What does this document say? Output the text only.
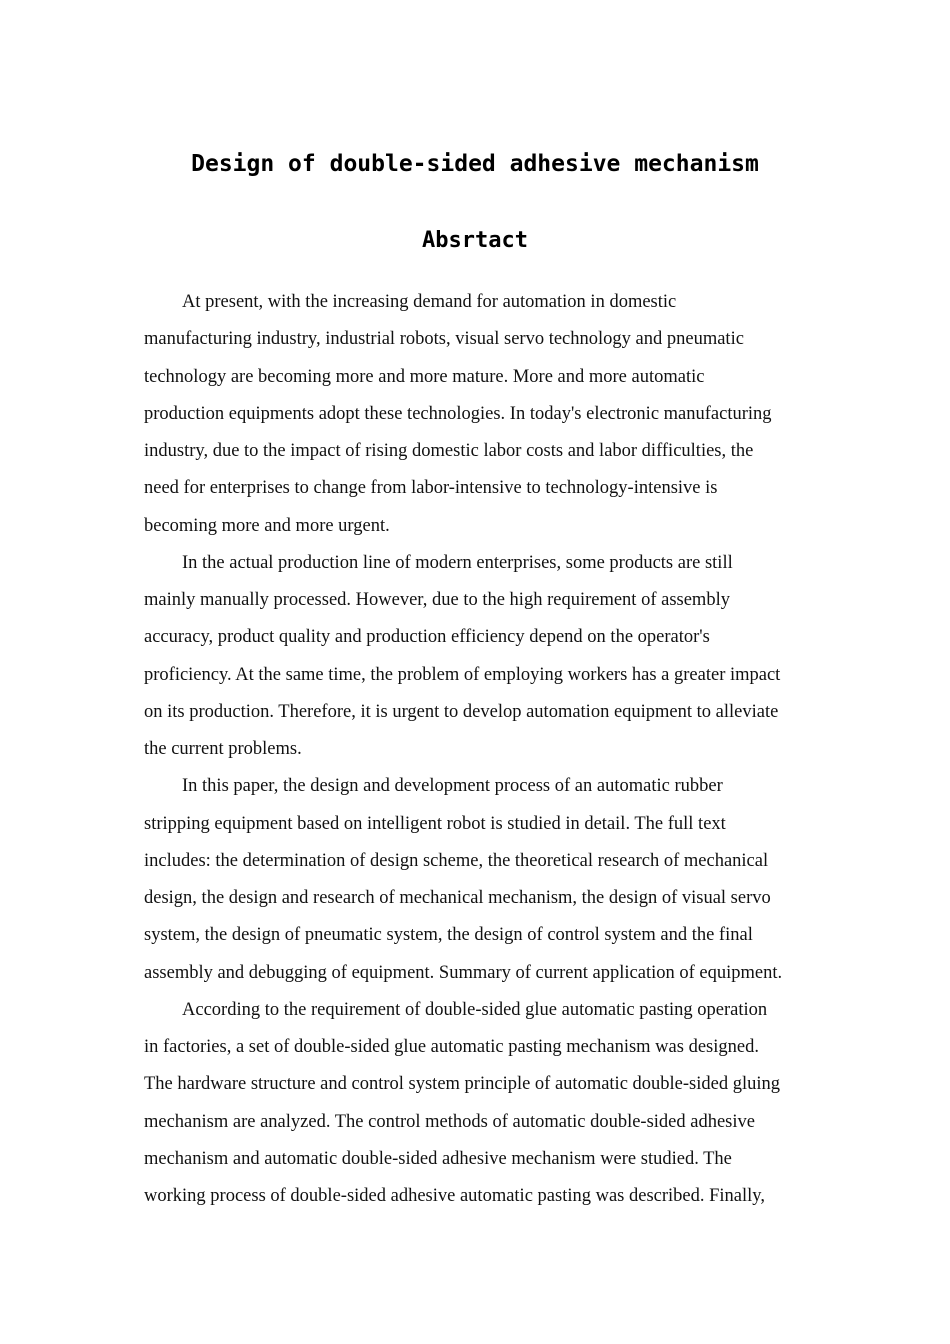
Design of double-sided adhesive mechanism
Absrtact

At present, with the increasing demand for automation in domestic
manufacturing industry, industrial robots, visual servo technology and pneumatic
technology are becoming more and more mature. More and more automatic
production equipments adopt these technologies. In today's electronic manufacturing
industry, due to the impact of rising domestic labor costs and labor difficulties, the
need for enterprises to change from labor-intensive to technology-intensive is
becoming more and more urgent.

In the actual production line of modern enterprises, some products are still
mainly manually processed. However, due to the high requirement of assembly
accuracy, product quality and production efficiency depend on the operator's
proficiency. At the same time, the problem of employing workers has a greater impact
on its production. Therefore, it is urgent to develop automation equipment to alleviate
the current problems.

In this paper, the design and development process of an automatic rubber
stripping equipment based on intelligent robot is studied in detail. The full text
includes: the determination of design scheme, the theoretical research of mechanical
design, the design and research of mechanical mechanism, the design of visual servo
system, the design of pneumatic system, the design of control system and the final
assembly and debugging of equipment. Summary of current application of equipment.

According to the requirement of double-sided glue automatic pasting operation
in factories, a set of double-sided glue automatic pasting mechanism was designed.
The hardware structure and control system principle of automatic double-sided gluing
mechanism are analyzed. The control methods of automatic double-sided adhesive
mechanism and automatic double-sided adhesive mechanism were studied. The
working process of double-sided adhesive automatic pasting was described. Finally,
